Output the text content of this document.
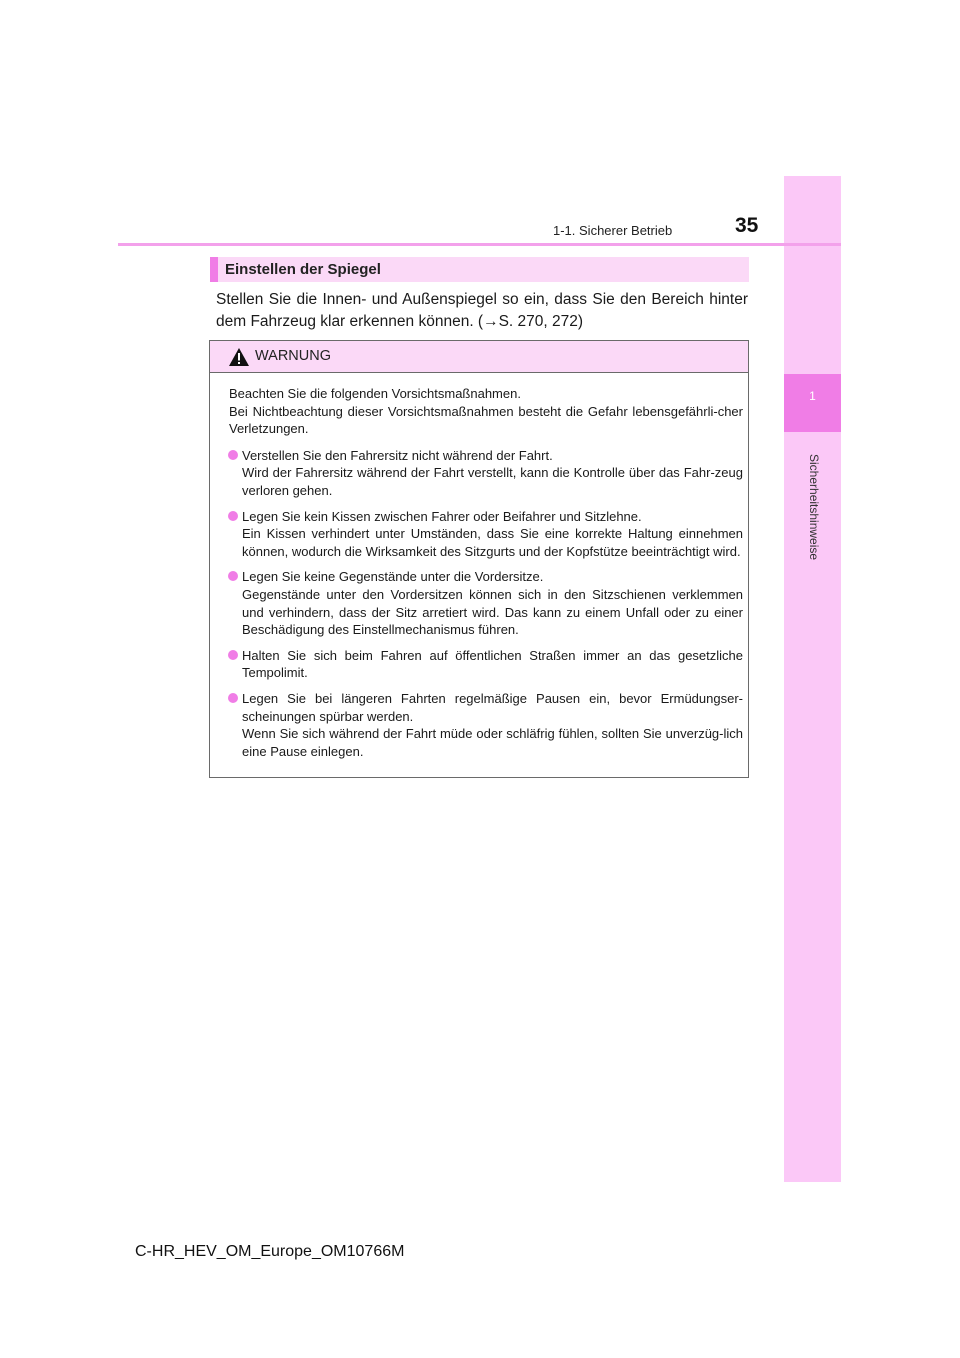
1
Sicherheitshinweise
1-1. Sicherer Betrieb	35
Einstellen der Spiegel
Stellen Sie die Innen- und Außenspiegel so ein, dass Sie den Bereich hinter dem Fahrzeug klar erkennen können. (→S. 270, 272)
WARNUNG

Beachten Sie die folgenden Vorsichtsmaßnahmen.

Bei Nichtbeachtung dieser Vorsichtsmaßnahmen besteht die Gefahr lebensgefährli-cher Verletzungen.

Verstellen Sie den Fahrersitz nicht während der Fahrt.

Wird der Fahrersitz während der Fahrt verstellt, kann die Kontrolle über das Fahr-zeug verloren gehen.

Legen Sie kein Kissen zwischen Fahrer oder Beifahrer und Sitzlehne.

Ein Kissen verhindert unter Umständen, dass Sie eine korrekte Haltung einnehmen können, wodurch die Wirksamkeit des Sitzgurts und der Kopfstütze beeinträchtigt wird.

Legen Sie keine Gegenstände unter die Vordersitze.

Gegenstände unter den Vordersitzen können sich in den Sitzschienen verklemmen und verhindern, dass der Sitz arretiert wird. Das kann zu einem Unfall oder zu einer Beschädigung des Einstellmechanismus führen.

Halten Sie sich beim Fahren auf öffentlichen Straßen immer an das gesetzliche Tempolimit.

Legen Sie bei längeren Fahrten regelmäßige Pausen ein, bevor Ermüdungser-scheinungen spürbar werden.

Wenn Sie sich während der Fahrt müde oder schläfrig fühlen, sollten Sie unverzüg-lich eine Pause einlegen.

C-HR_HEV_OM_Europe_OM10766M
